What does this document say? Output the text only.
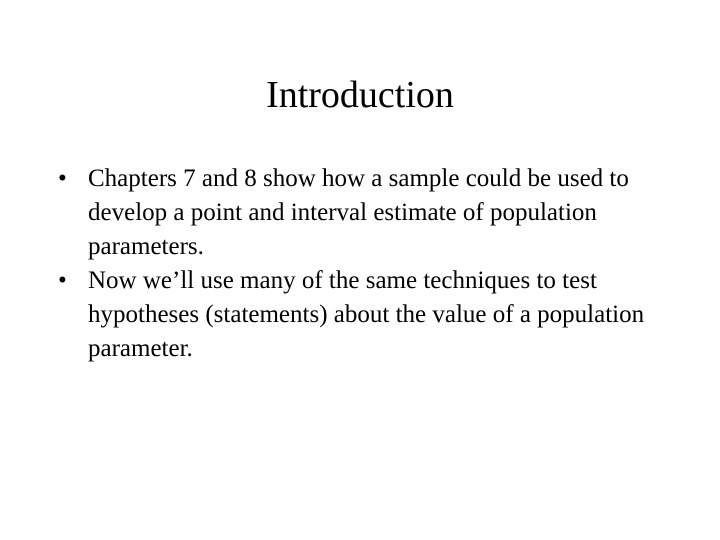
Introduction
• Chapters 7 and 8 show how a sample could be used to develop a point and interval estimate of population parameters.
• Now we’ll use many of the same techniques to test hypotheses (statements) about the value of a population parameter.
